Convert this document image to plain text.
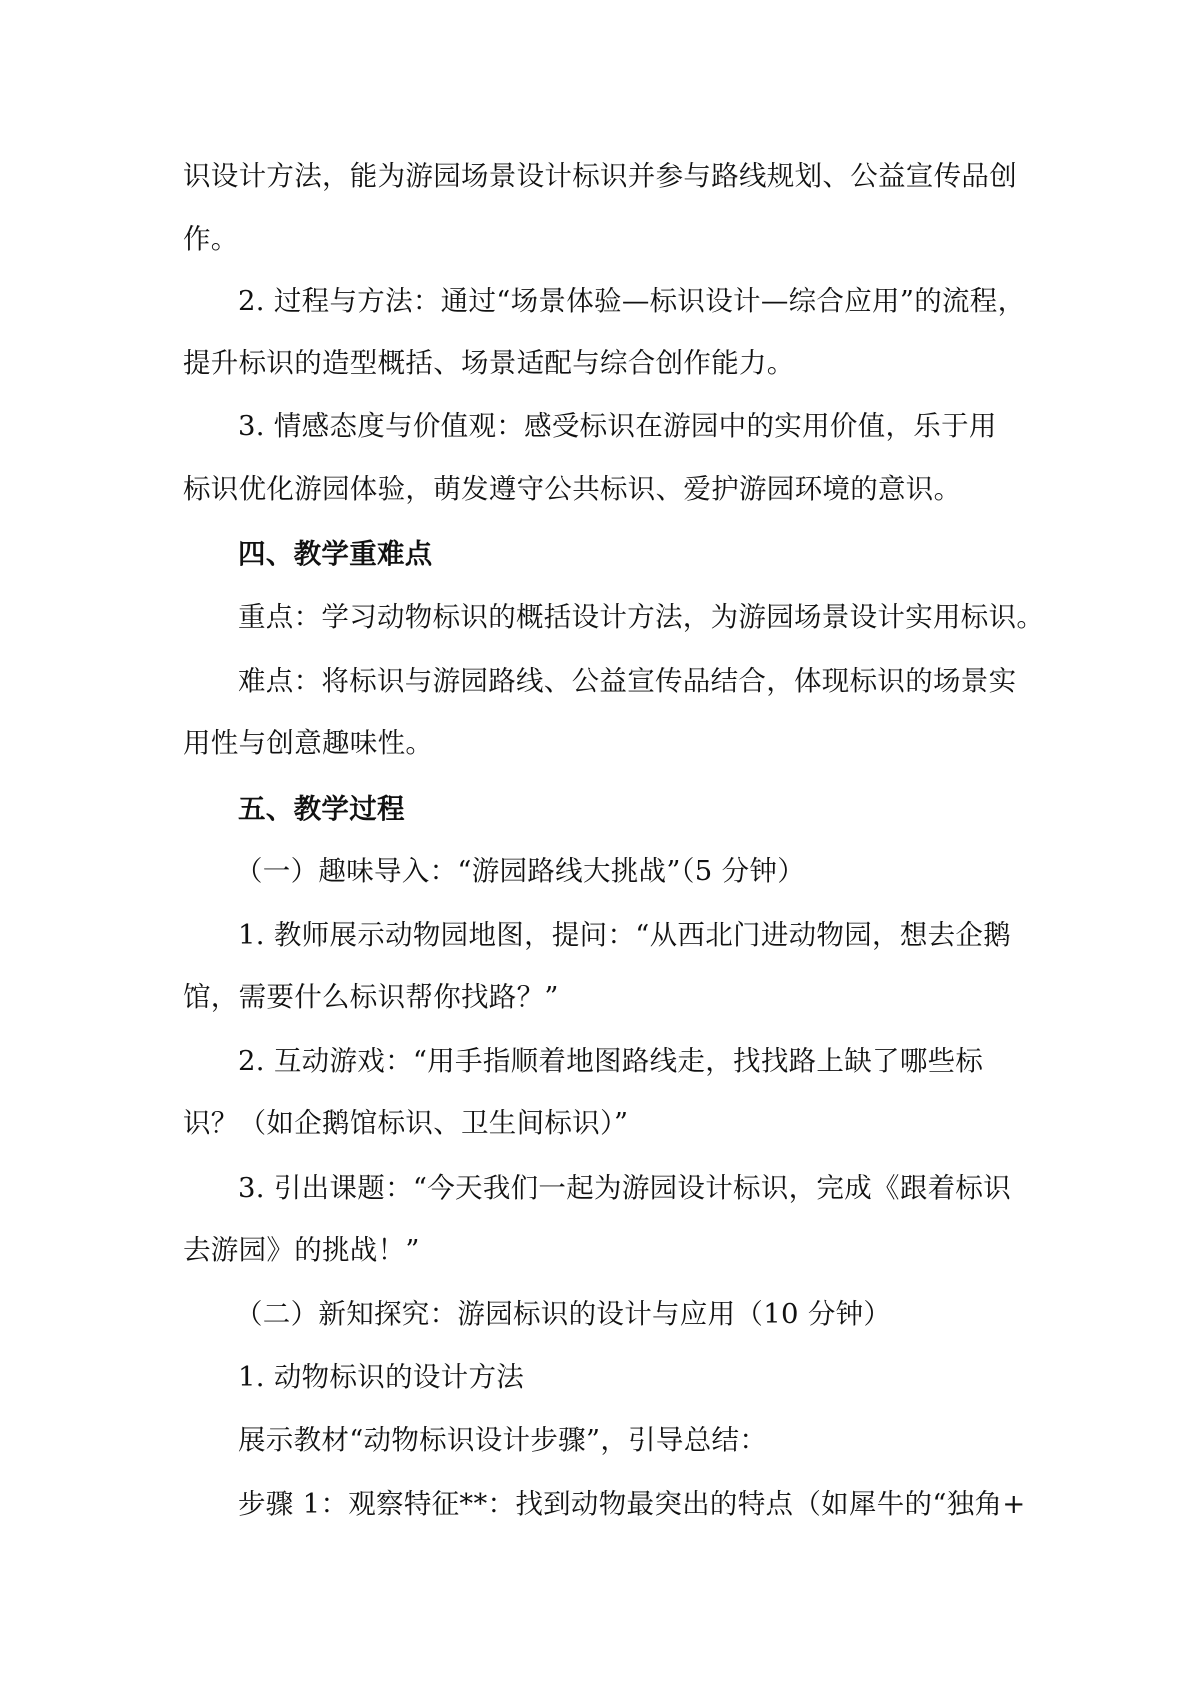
识设计方法，能为游园场景设计标识并参与路线规划、公益宣传品创
作。
2. 过程与方法：通过“场景体验—标识设计—综合应用”的流程，
提升标识的造型概括、场景适配与综合创作能力。
3. 情感态度与价值观：感受标识在游园中的实用价值，乐于用
标识优化游园体验，萌发遵守公共标识、爱护游园环境的意识。
四、教学重难点
重点：学习动物标识的概括设计方法，为游园场景设计实用标识。
难点：将标识与游园路线、公益宣传品结合，体现标识的场景实
用性与创意趣味性。
五、教学过程
（一）趣味导入：“游园路线大挑战”（5 分钟）
1. 教师展示动物园地图，提问：“从西北门进动物园，想去企鹅
馆，需要什么标识帮你找路？”
2. 互动游戏：“用手指顺着地图路线走，找找路上缺了哪些标
识？（如企鹅馆标识、卫生间标识）”
3. 引出课题：“今天我们一起为游园设计标识，完成《跟着标识
去游园》的挑战！”
（二）新知探究：游园标识的设计与应用（10 分钟）
1. 动物标识的设计方法
展示教材“动物标识设计步骤”，引导总结：
步骤 1：观察特征**：找到动物最突出的特点（如犀牛的“独角+
